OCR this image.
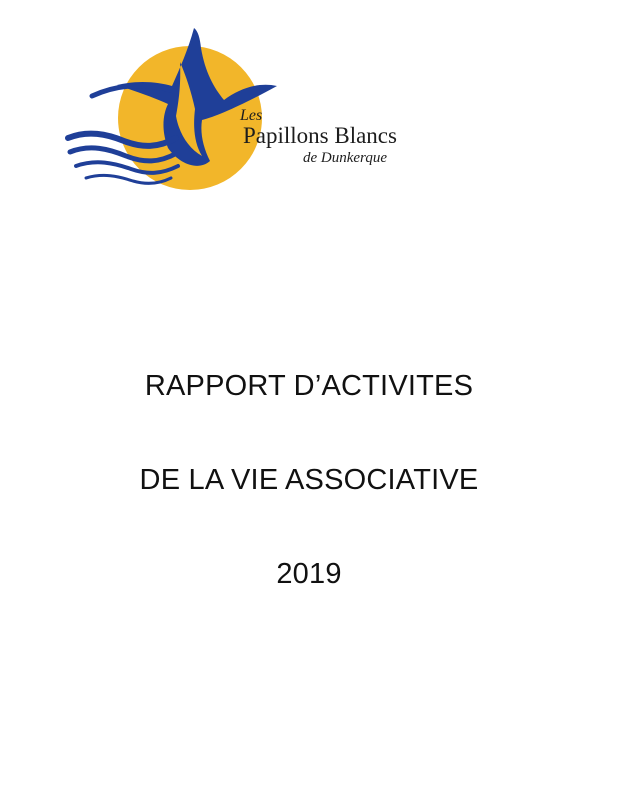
Les
Papillons Blancs
de Dunkerque
RAPPORT D’ACTIVITES
DE LA VIE ASSOCIATIVE
2019
